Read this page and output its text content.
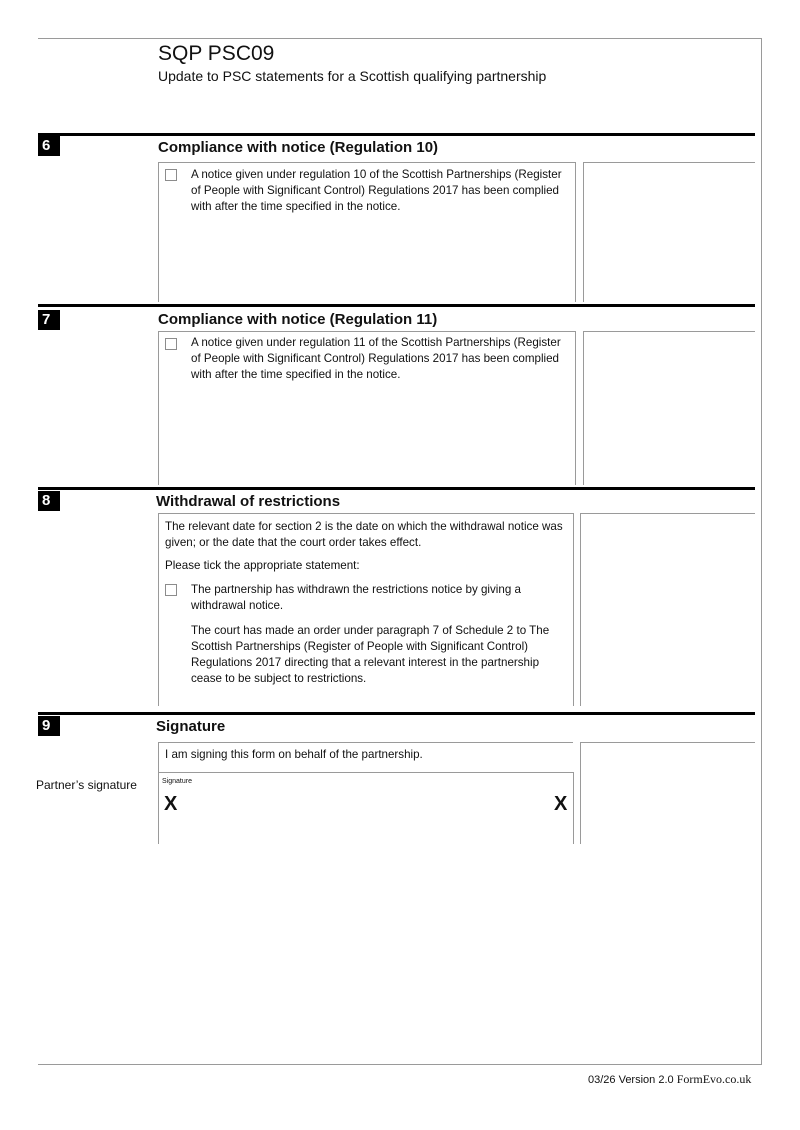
SQP PSC09
Update to PSC statements for a Scottish qualifying partnership
6	Compliance with notice (Regulation 10)
A notice given under regulation 10 of the Scottish Partnerships (Register of People with Significant Control) Regulations 2017 has been complied with after the time specified in the notice.
7	Compliance with notice (Regulation 11)
A notice given under regulation 11 of the Scottish Partnerships (Register of People with Significant Control) Regulations 2017 has been complied with after the time specified in the notice.
8	Withdrawal of restrictions
The relevant date for section 2 is the date on which the withdrawal notice was given; or the date that the court order takes effect.
Please tick the appropriate statement:
The partnership has withdrawn the restrictions notice by giving a withdrawal notice.
The court has made an order under paragraph 7 of Schedule 2 to The Scottish Partnerships (Register of People with Significant Control) Regulations 2017 directing that a relevant interest in the partnership cease to be subject to restrictions.
9	Signature
I am signing this form on behalf of the partnership.
Partner’s signature	Signature
X	X
03/26 Version 2.0 FormEvo.co.uk
